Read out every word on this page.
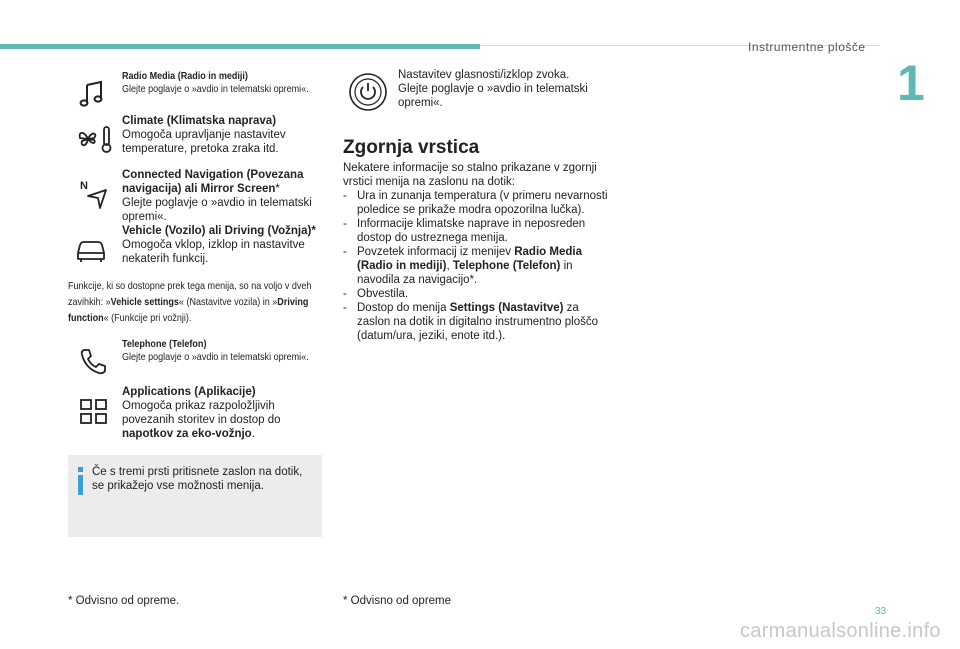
Instrumentne plošče
1
Radio Media (Radio in mediji)
Glejte poglavje o »avdio in telematski opremi«.
Climate (Klimatska naprava)
Omogoča upravljanje nastavitev temperature, pretoka zraka itd.
N
Connected Navigation (Povezana navigacija) ali Mirror Screen*
Glejte poglavje o »avdio in telematski opremi«.
Vehicle (Vozilo) ali Driving (Vožnja)*
Omogoča vklop, izklop in nastavitve nekaterih funkcij.
Funkcije, ki so dostopne prek tega menija, so na voljo v dveh zavihkih: »Vehicle settings« (Nastavitve vozila) in »Driving function« (Funkcije pri vožnji).
Telephone (Telefon)
Glejte poglavje o »avdio in telematski opremi«.
Applications (Aplikacije)
Omogoča prikaz razpoložljivih povezanih storitev in dostop do napotkov za eko-vožnjo.
Če s tremi prsti pritisnete zaslon na dotik, se prikažejo vse možnosti menija.
* Odvisno od opreme.
Nastavitev glasnosti/izklop zvoka. Glejte poglavje o »avdio in telematski opremi«.
Zgornja vrstica
Nekatere informacije so stalno prikazane v zgornji vrstici menija na zaslonu na dotik:
- Ura in zunanja temperatura (v primeru nevarnosti poledice se prikaže modra opozorilna lučka).
- Informacije klimatske naprave in neposreden dostop do ustreznega menija.
- Povzetek informacij iz menijev Radio Media (Radio in mediji), Telephone (Telefon) in navodila za navigacijo*.
- Obvestila.
- Dostop do menija Settings (Nastavitve) za zaslon na dotik in digitalno instrumentno ploščo (datum/ura, jeziki, enote itd.).
* Odvisno od opreme
33
carmanualsonline.info
